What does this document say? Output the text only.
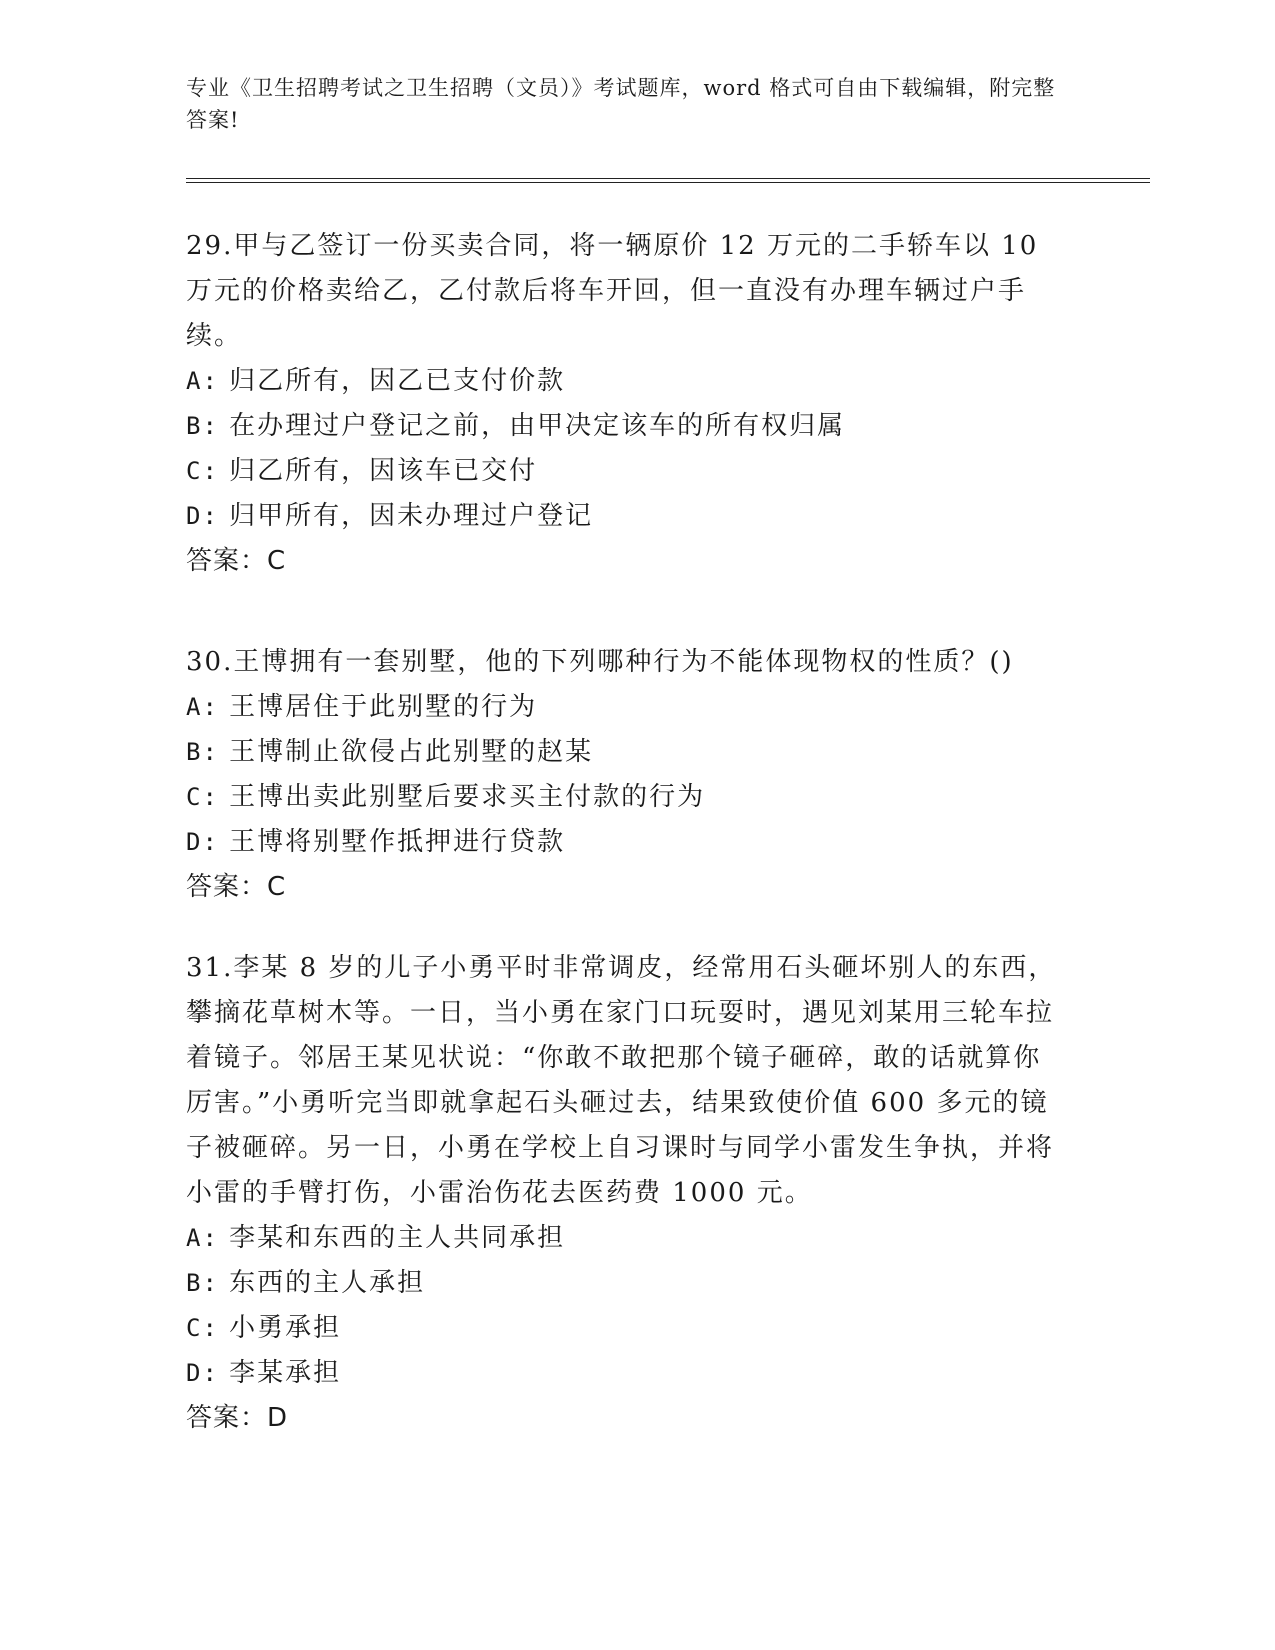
专业《卫生招聘考试之卫生招聘（文员）》考试题库，word 格式可自由下载编辑，附完整答案!

29.甲与乙签订一份买卖合同，将一辆原价 12 万元的二手轿车以 10 万元的价格卖给乙，乙付款后将车开回，但一直没有办理车辆过户手续。

A: 归乙所有，因乙已支付价款

B: 在办理过户登记之前，由甲决定该车的所有权归属

C: 归乙所有，因该车已交付

D: 归甲所有，因未办理过户登记

答案：C

30.王博拥有一套别墅，他的下列哪种行为不能体现物权的性质？()

A: 王博居住于此别墅的行为

B: 王博制止欲侵占此别墅的赵某

C: 王博出卖此别墅后要求买主付款的行为

D: 王博将别墅作抵押进行贷款

答案：C

31.李某 8 岁的儿子小勇平时非常调皮，经常用石头砸坏别人的东西，攀摘花草树木等。一日，当小勇在家门口玩耍时，遇见刘某用三轮车拉着镜子。邻居王某见状说：“你敢不敢把那个镜子砸碎，敢的话就算你厉害。”小勇听完当即就拿起石头砸过去，结果致使价值 600 多元的镜子被砸碎。另一日，小勇在学校上自习课时与同学小雷发生争执，并将小雷的手臂打伤，小雷治伤花去医药费 1000 元。

A: 李某和东西的主人共同承担

B: 东西的主人承担

C: 小勇承担

D: 李某承担

答案：D
